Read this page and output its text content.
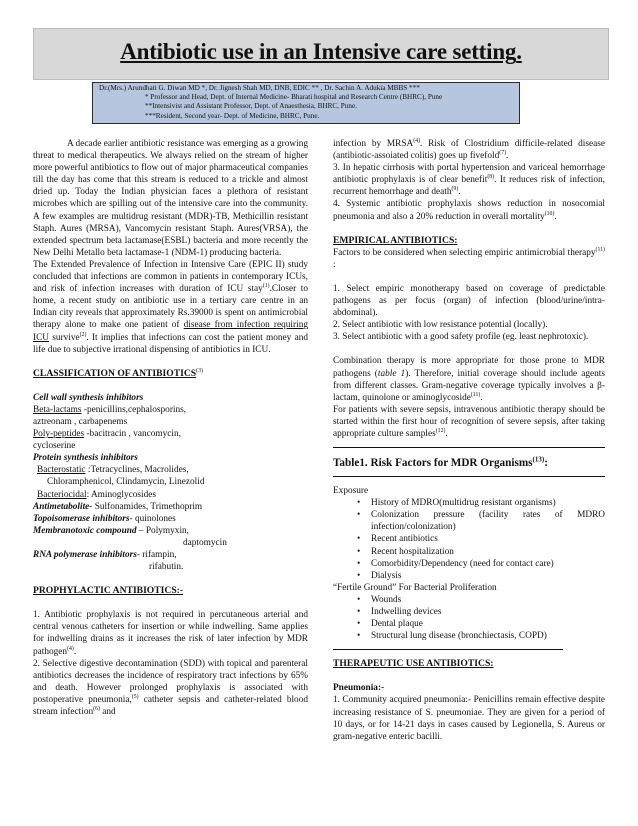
Antibiotic use in an Intensive care setting.
Dr.(Mrs.) Arundhati G. Diwan MD *, Dr. Jignesh Shah MD, DNB, EDIC ** , Dr. Sachin A. Adukia MBBS ***
* Professor and Head, Dept. of Internal Medicine- Bharati hospital and Research Centre (BHRC), Pune
**Intensivist and Assistant Professor, Dept. of Anaesthesia, BHRC, Pune.
***Resident, Second year- Dept. of Medicine, BHRC, Pune.

A decade earlier antibiotic resistance was emerging as a growing threat to medical therapeutics. We always relied on the stream of higher more powerful antibiotics to flow out of major pharmaceutical companies till the day has come that this stream is reduced to a trickle and almost dried up. Today the Indian physician faces a plethora of resistant microbes which are spilling out of the intensive care into the community. A few examples are multidrug resistant (MDR)-TB, Methicillin resistant Staph. Aures (MRSA), Vancomycin resistant Staph. Aures(VRSA), the extended spectrum beta lactamase(ESBL) bacteria and more recently the New Delhi Metallo beta lactamase-1 (NDM-1) producing bacteria.

The Extended Prevalence of Infection in Intensive Care (EPIC II) study concluded that infections are common in patients in contemporary ICUs, and risk of infection increases with duration of ICU stay$^{(1)}$.Closer to home, a recent study on antibiotic use in a tertiary care centre in an Indian city reveals that approximately Rs.39000 is spent on antimicrobial therapy alone to make one patient of disease from infection requiring ICU survive$^{(2)}$. It implies that infections can cost the patient money and life due to subjective irrational dispensing of antibiotics in ICU.

CLASSIFICATION OF ANTIBIOTICS$^{(3)}$

Cell wall synthesis inhibitors

Beta-lactams -penicillins,cephalosporins,

aztreonam , carbapenems

Poly-peptides -bacitracin , vancomycin,

cycloserine

Protein synthesis inhibitors

Bacterostatic :Tetracyclines, Macrolides,

Chloramphenicol, Clindamycin, Linezolid

Bacteriocidal: Aminoglycosides

Antimetabolite- Sulfonamides, Trimethoprim

Topoisomerase inhibitors- quinolones

Membranotoxic compound – Polymyxin,

daptomycin

RNA polymerase inhibitors- rifampin,

rifabutin.

PROPHYLACTIC ANTIBIOTICS:-

1. Antibiotic prophylaxis is not required in percutaneous arterial and central venous catheters for insertion or while indwelling. Same applies for indwelling drains as it increases the risk of later infection by MDR pathogen$^{(4)}$.

2. Selective digestive decontamination (SDD) with topical and parenteral antibiotics decreases the incidence of respiratory tract infections by 65% and death. However prolonged prophylaxis is associated with postoperative pneumonia,$^{(5)}$ catheter sepsis and catheter-related blood stream infection$^{(6)}$ and

infection by MRSA$^{(4)}$. Risk of Clostridium difficile-related disease (antibiotic-assoiated colitis) goes up fivefold$^{(7)}$.

3. In hepatic cirrhosis with portal hypertension and variceal hemorrhage antibiotic prophylaxis is of clear benefit$^{(8)}$. It reduces risk of infection, recurrent hemorrhage and death$^{(9)}$.

4. Systemic antibiotic prophylaxis shows reduction in nosocomial pneumonia and also a 20% reduction in overall mortality$^{(10)}$.

EMPIRICAL ANTIBIOTICS:

Factors to be considered when selecting empiric antimicrobial therapy$^{(11)}$ :

1. Select empiric monotherapy based on coverage of predictable pathogens as per focus (organ) of infection (blood/urine/intra-abdominal).

2. Select antibiotic with low resistance potential (locally).

3. Select antibiotic with a good safety profile (eg. least nephrotoxic).

Combination therapy is more appropriate for those prone to MDR pathogens (table 1). Therefore, initial coverage should include agents from different classes. Gram-negative coverage typically involves a β-lactam, quinolone or aminoglycoside$^{(11)}$.

For patients with severe sepsis, intravenous antibiotic therapy should be started within the first hour of recognition of severe sepsis, after taking appropriate culture samples$^{(12)}$.

Table1. Risk Factors for MDR Organisms$^{(13)}$:

Exposure

• History of MDRO(multidrug resistant organisms)
• Colonization pressure (facility rates of MDRO infection/colonization)
• Recent antibiotics
• Recent hospitalization
• Comorbidity/Dependency (need for contact care)
• Dialysis

“Fertile Ground” For Bacterial Proliferation

• Wounds
• Indwelling devices
• Dental plaque
• Structural lung disease (bronchiectasis, COPD)

THERAPEUTIC USE ANTIBIOTICS:

Pneumonia:-

1. Community acquired pneumonia:- Penicillins remain effective despite increasing resistance of S. pneumoniae. They are given for a period of 10 days, or for 14-21 days in cases caused by Legionella, S. Aureus or gram-negative enteric bacilli.
